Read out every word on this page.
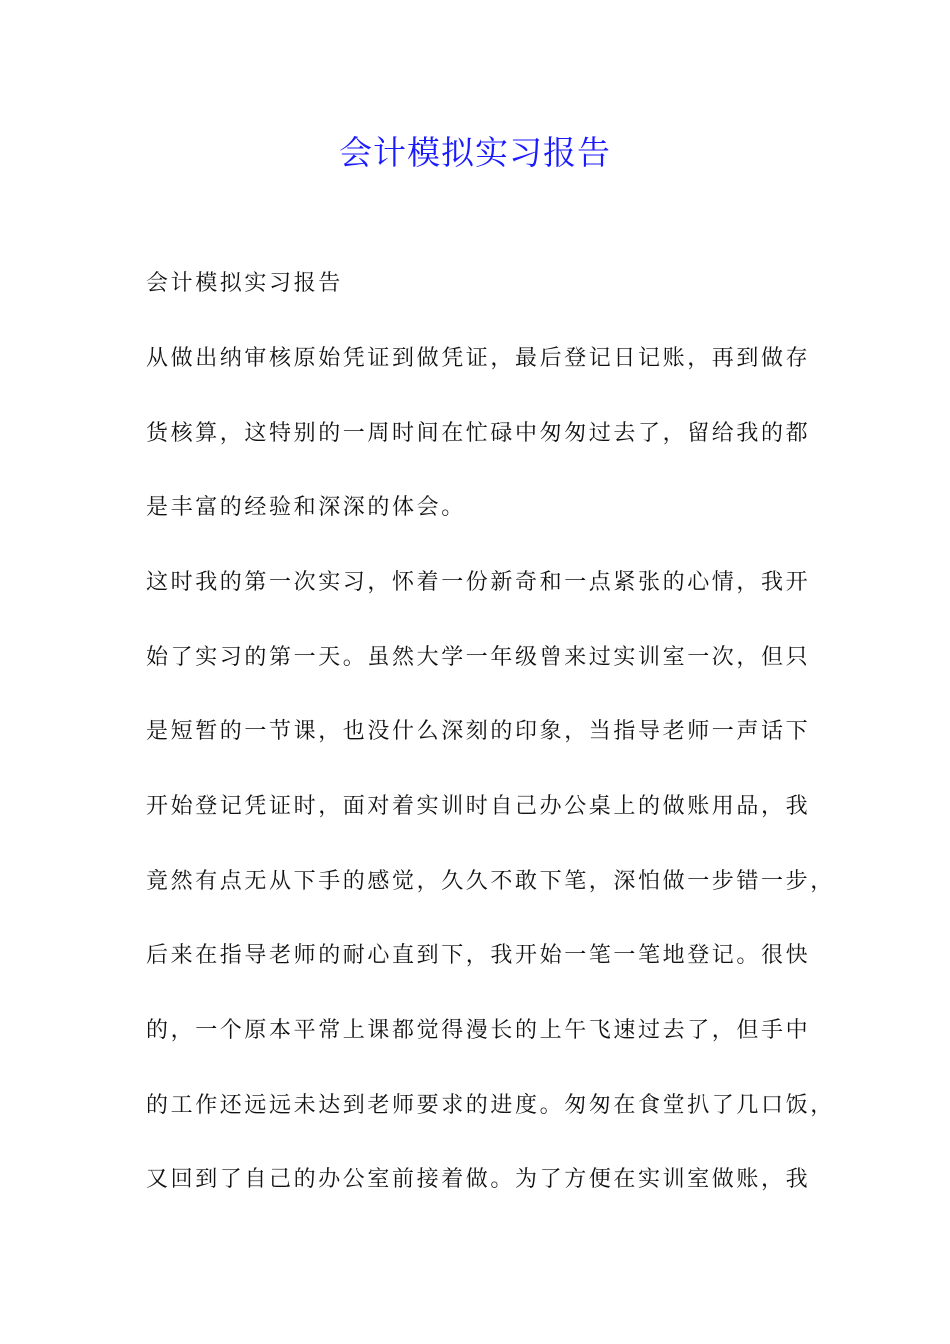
会计模拟实习报告

会计模拟实习报告

从做出纳审核原始凭证到做凭证，最后登记日记账，再到做存

货核算，这特别的一周时间在忙碌中匆匆过去了，留给我的都

是丰富的经验和深深的体会。

这时我的第一次实习，怀着一份新奇和一点紧张的心情，我开

始了实习的第一天。虽然大学一年级曾来过实训室一次，但只

是短暂的一节课，也没什么深刻的印象，当指导老师一声话下

开始登记凭证时，面对着实训时自己办公桌上的做账用品，我

竟然有点无从下手的感觉，久久不敢下笔，深怕做一步错一步，

后来在指导老师的耐心直到下，我开始一笔一笔地登记。很快

的，一个原本平常上课都觉得漫长的上午飞速过去了，但手中

的工作还远远未达到老师要求的进度。匆匆在食堂扒了几口饭，

又回到了自己的办公室前接着做。为了方便在实训室做账，我
